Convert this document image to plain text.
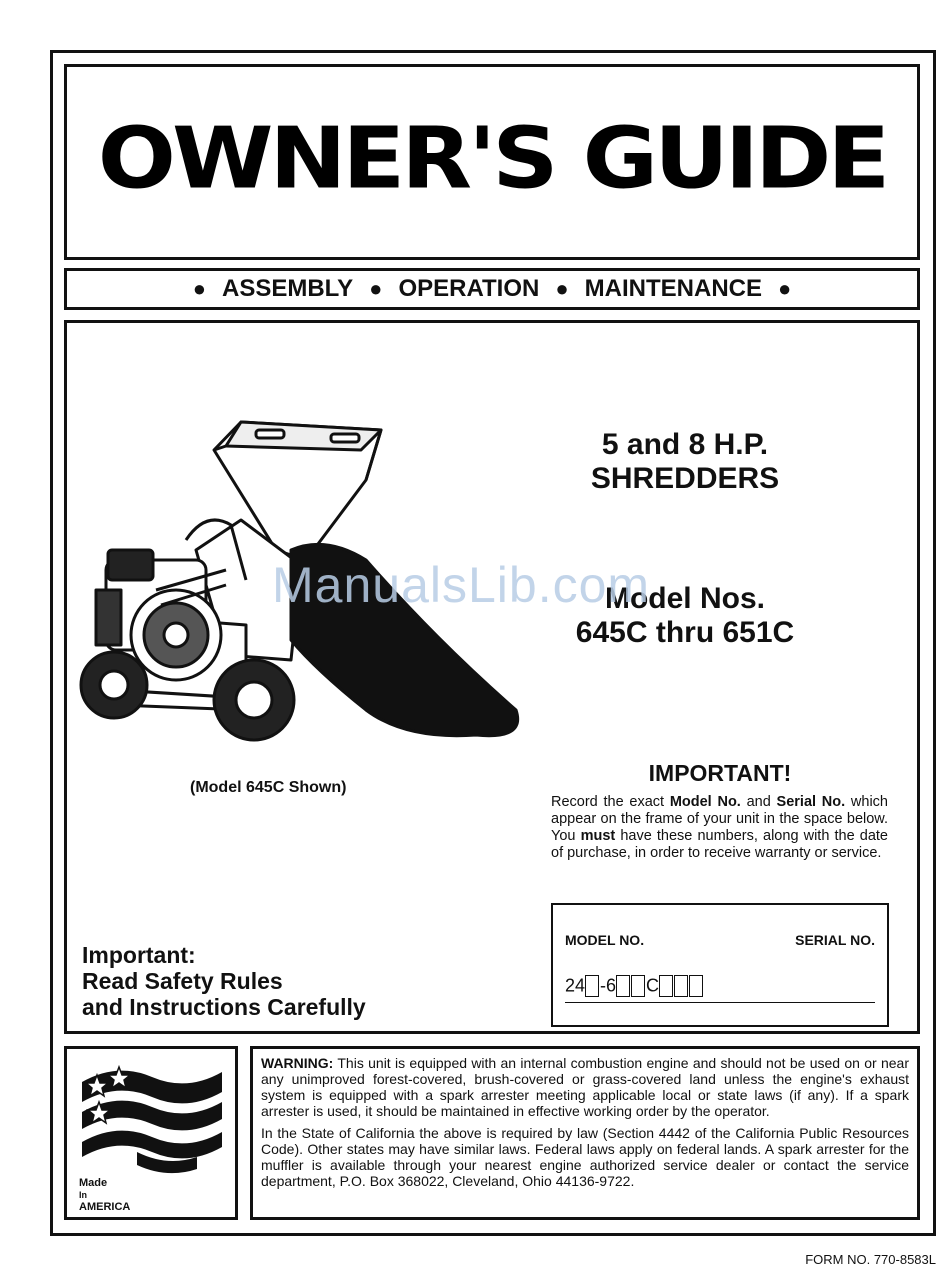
OWNER'S GUIDE
● ASSEMBLY ● OPERATION ● MAINTENANCE ●
(Model 645C Shown)
5 and 8 H.P.
SHREDDERS
Model Nos.
645C thru 651C
ManualsLib.com
IMPORTANT!
Record the exact Model No. and Serial No. which appear on the frame of your unit in the space below. You must have these numbers, along with the date of purchase, in order to receive warranty or service.
MODEL NO.	SERIAL NO.
24 -6 C
Important:
Read Safety Rules
and Instructions Carefully
Made
In
AMERICA

WARNING: This unit is equipped with an internal combustion engine and should not be used on or near any unimproved forest-covered, brush-covered or grass-covered land unless the engine's exhaust system is equipped with a spark arrester meeting applicable local or state laws (if any). If a spark arrester is used, it should be maintained in effective working order by the operator.

In the State of California the above is required by law (Section 4442 of the California Public Resources Code). Other states may have similar laws. Federal laws apply on federal lands. A spark arrester for the muffler is available through your nearest engine authorized service dealer or contact the service department, P.O. Box 368022, Cleveland, Ohio 44136-9722.

FORM NO. 770-8583L
